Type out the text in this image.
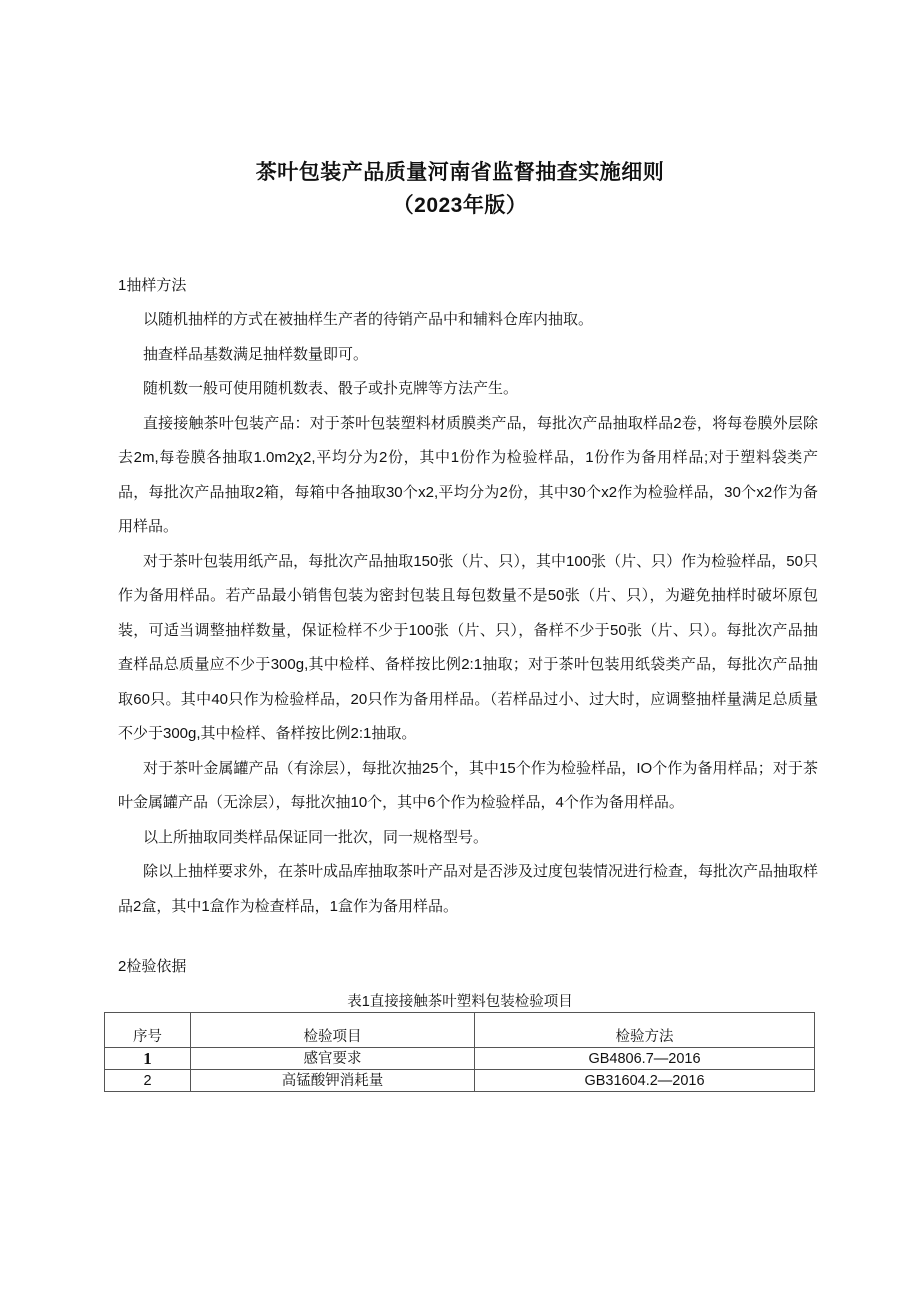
茶叶包装产品质量河南省监督抽查实施细则
（2023年版）
1抽样方法

以随机抽样的方式在被抽样生产者的待销产品中和辅料仓库内抽取。

抽查样品基数满足抽样数量即可。

随机数一般可使用随机数表、骰子或扑克牌等方法产生。

直接接触茶叶包装产品：对于茶叶包装塑料材质膜类产品，每批次产品抽取样品2卷，将每卷膜外层除去2m,每卷膜各抽取1.0m2χ2,平均分为2份，其中1份作为检验样品，1份作为备用样品;对于塑料袋类产品，每批次产品抽取2箱，每箱中各抽取30个x2,平均分为2份，其中30个x2作为检验样品，30个x2作为备用样品。

对于茶叶包装用纸产品，每批次产品抽取150张（片、只），其中100张（片、只）作为检验样品，50只作为备用样品。若产品最小销售包装为密封包装且每包数量不是50张（片、只），为避免抽样时破坏原包装，可适当调整抽样数量，保证检样不少于100张（片、只），备样不少于50张（片、只）。每批次产品抽查样品总质量应不少于300g,其中检样、备样按比例2:1抽取；对于茶叶包装用纸袋类产品，每批次产品抽取60只。其中40只作为检验样品，20只作为备用样品。（若样品过小、过大时，应调整抽样量满足总质量不少于300g,其中检样、备样按比例2:1抽取。

对于茶叶金属罐产品（有涂层），每批次抽25个，其中15个作为检验样品，IO个作为备用样品；对于茶叶金属罐产品（无涂层），每批次抽10个，其中6个作为检验样品，4个作为备用样品。

以上所抽取同类样品保证同一批次，同一规格型号。

除以上抽样要求外，在茶叶成品库抽取茶叶产品对是否涉及过度包装情况进行检查，每批次产品抽取样品2盒，其中1盒作为检查样品，1盒作为备用样品。

2检验依据
表1直接接触茶叶塑料包装检验项目
序号	检验项目	检验方法
1	感官要求	GB4806.7—2016
2	高锰酸钾消耗量	GB31604.2—2016
